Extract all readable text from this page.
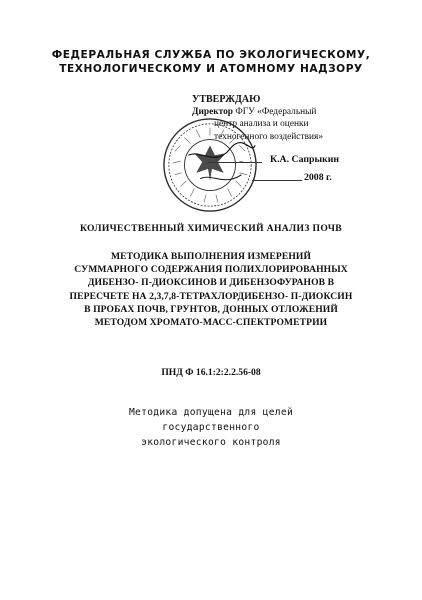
ФЕДЕРАЛЬНАЯ СЛУЖБА ПО ЭКОЛОГИЧЕСКОМУ,
ТЕХНОЛОГИЧЕСКОМУ И АТОМНОМУ НАДЗОРУ
УТВЕРЖДАЮ
Директор ФГУ «Федеральный
центр анализа и оценки
техногенного воздействия»
К.А. Сапрыкин
2008 г.
КОЛИЧЕСТВЕННЫЙ ХИМИЧЕСКИЙ АНАЛИЗ ПОЧВ
МЕТОДИКА ВЫПОЛНЕНИЯ ИЗМЕРЕНИЙ
СУММАРНОГО СОДЕРЖАНИЯ ПОЛИХЛОРИРОВАННЫХ
ДИБЕНЗО- П-ДИОКСИНОВ И ДИБЕНЗОФУРАНОВ В
ПЕРЕСЧЕТЕ НА 2,3,7,8-ТЕТРАХЛОРДИБЕНЗО- П-ДИОКСИН
В ПРОБАХ ПОЧВ, ГРУНТОВ, ДОННЫХ ОТЛОЖЕНИЙ
МЕТОДОМ ХРОМАТО-МАСС-СПЕКТРОМЕТРИИ
ПНД Ф 16.1:2:2.2.56-08
Методика допущена для целей государственного
экологического контроля
